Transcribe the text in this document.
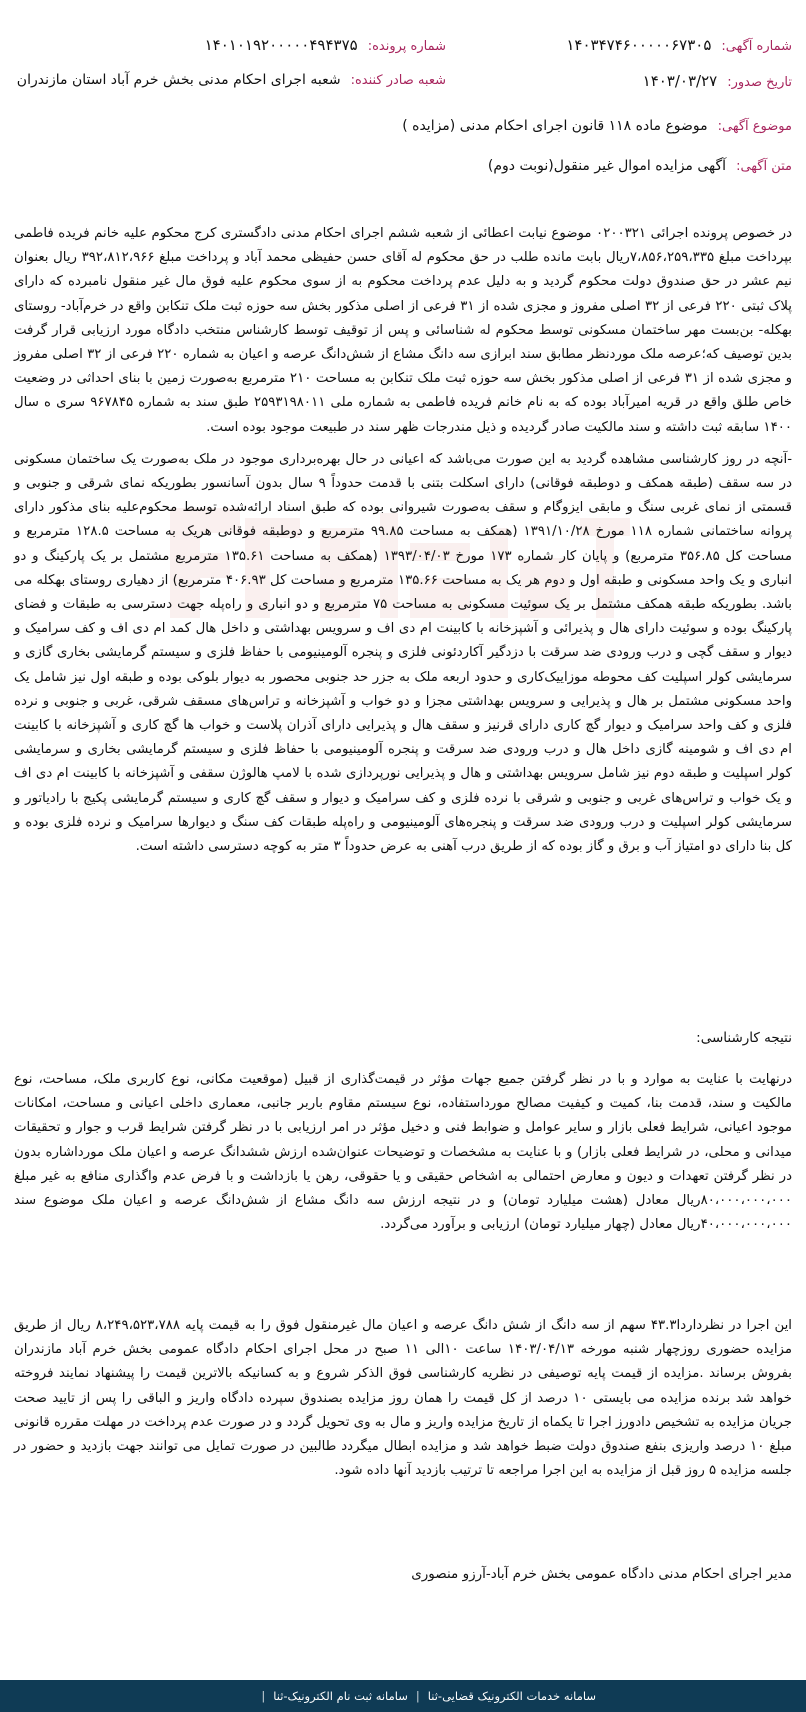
شماره آگهی:
۱۴۰۳۴۷۴۶۰۰۰۰۰۶۷۳۰۵
شماره پرونده:
۱۴۰۱۰۱۹۲۰۰۰۰۰۴۹۴۳۷۵
تاریخ صدور:
۱۴۰۳/۰۳/۲۷
شعبه صادر کننده:
شعبه اجرای احکام مدنی بخش خرم آباد استان مازندران
موضوع آگهی:
موضوع ماده ۱۱۸ قانون اجرای احکام مدنی (مزایده )
متن آگهی:
آگهی مزایده اموال غیر منقول(نوبت دوم)

در خصوص پرونده اجرائی ۰۲۰۰۳۲۱ موضوع نیابت اعطائی از شعبه ششم اجرای احکام مدنی دادگستری کرج محکوم علیه خانم فریده فاطمی بپرداخت مبلغ ۷،۸۵۶،۲۵۹،۳۳۵ریال بابت مانده طلب در حق محکوم له آقای حسن حفیظی محمد آباد و پرداخت مبلغ ۳۹۲،۸۱۲،۹۶۶ ریال بعنوان نیم عشر در حق صندوق دولت محکوم گردید و به دلیل عدم پرداخت محکوم به از سوی محکوم علیه فوق مال غیر منقول نامبرده که دارای پلاک ثبتی ۲۲۰ فرعی از ۳۲ اصلی مفروز و مجزی شده از ۳۱ فرعی از اصلی مذکور بخش سه حوزه ثبت ملک تنکابن واقع در خرم‌آباد- روستای بهکله- بن‌بست مهر ساختمان مسکونی توسط محکوم له شناسائی و پس از توقیف توسط کارشناس منتخب دادگاه مورد ارزیابی قرار گرفت بدین توصیف که؛عرصه ملک موردنظر مطابق سند ابرازی سه دانگ مشاع از شش‌دانگ عرصه و اعیان به شماره ۲۲۰ فرعی از ۳۲ اصلی مفروز و مجزی شده از ۳۱ فرعی از اصلی مذکور بخش سه حوزه ثبت ملک تنکابن به مساحت ۲۱۰ مترمربع به‌صورت زمین با بنای احداثی در وضعیت خاص طلق واقع در قریه امیرآباد بوده که به نام خانم فریده فاطمی به شماره ملی ۲۵۹۳۱۹۸۰۱۱ طبق سند به شماره ۹۶۷۸۴۵ سری ه سال ۱۴۰۰ سابقه ثبت داشته و سند مالکیت صادر گردیده و ذیل مندرجات ظهر سند در طبیعت موجود بوده است.

-آنچه در روز کارشناسی مشاهده گردید به این صورت می‌باشد که اعیانی در حال بهره‌برداری موجود در ملک به‌صورت یک ساختمان مسکونی در سه سقف (طبقه همکف و دوطبقه فوقانی) دارای اسکلت بتنی با قدمت حدوداً ۹ سال بدون آسانسور بطوریکه نمای شرقی و جنوبی و قسمتی از نمای غربی سنگ و مابقی ایزوگام و سقف به‌صورت شیروانی بوده که طبق اسناد ارائه‌شده توسط محکوم‌علیه بنای مذکور دارای پروانه ساختمانی شماره ۱۱۸ مورخ ۱۳۹۱/۱۰/۲۸ (همکف به مساحت ۹۹.۸۵ مترمربع و دوطبقه فوقانی هریک به مساحت ۱۲۸.۵ مترمربع و مساحت کل ۳۵۶.۸۵ مترمربع) و پایان کار شماره ۱۷۳ مورخ ۱۳۹۳/۰۴/۰۳ (همکف به مساحت ۱۳۵.۶۱ مترمربع مشتمل بر یک پارکینگ و دو انباری و یک واحد مسکونی و طبقه اول و دوم هر یک به مساحت ۱۳۵.۶۶ مترمربع و مساحت کل ۴۰۶.۹۳ مترمربع) از دهیاری روستای بهکله می باشد. بطوریکه طبقه همکف مشتمل بر یک سوئیت مسکونی به مساحت ۷۵ مترمربع و دو انباری و راه‌پله جهت دسترسی به طبقات و فضای پارکینگ بوده و سوئیت دارای هال و پذیرائی و آشپزخانه با کابینت ام دی اف و سرویس بهداشتی و داخل هال کمد ام دی اف و کف سرامیک و دیوار و سقف گچی و درب ورودی ضد سرقت با دزدگیر آکاردئونی فلزی و پنجره آلومینیومی با حفاظ فلزی و سیستم گرمایشی بخاری گازی و سرمایشی کولر اسپلیت کف محوطه موزاییک‌کاری و حدود اربعه ملک به جزر حد جنوبی محصور به دیوار بلوکی بوده و طبقه اول نیز شامل یک واحد مسکونی مشتمل بر هال و پذیرایی و سرویس بهداشتی مجزا و دو خواب و آشپزخانه و تراس‌های مسقف شرقی، غربی و جنوبی و نرده فلزی و کف واحد سرامیک و دیوار گچ کاری دارای قرنیز و سقف هال و پذیرایی دارای آذران پلاست و خواب ها گچ کاری و آشپزخانه با کابینت ام دی اف و شومینه گازی داخل هال و درب ورودی ضد سرقت و پنجره آلومینیومی با حفاظ فلزی و سیستم گرمایشی بخاری و سرمایشی کولر اسپلیت و طبقه دوم نیز شامل سرویس بهداشتی و هال و پذیرایی نورپردازی شده با لامپ هالوژن سقفی و آشپزخانه با کابینت ام دی اف و یک خواب و تراس‌های غربی و جنوبی و شرقی با نرده فلزی و کف سرامیک و دیوار و سقف گچ کاری و سیستم گرمایشی پکیج با رادیاتور و سرمایشی کولر اسپلیت و درب ورودی ضد سرقت و پنجره‌های آلومینیومی و راه‌پله طبقات کف سنگ و دیوارها سرامیک و نرده فلزی بوده و کل بنا دارای دو امتیاز آب و برق و گاز بوده که از طریق درب آهنی به عرض حدوداً ۳ متر به کوچه دسترسی داشته است.

نتیجه کارشناسی:

درنهایت با عنایت به موارد و با در نظر گرفتن جمیع جهات مؤثر در قیمت‌گذاری از قبیل (موقعیت مکانی، نوع کاربری ملک، مساحت، نوع مالکیت و سند، قدمت بنا، کمیت و کیفیت مصالح مورداستفاده، نوع سیستم مقاوم باربر جانبی، معماری داخلی اعیانی و مساحت، امکانات موجود اعیانی، شرایط فعلی بازار و سایر عوامل و ضوابط فنی و دخیل مؤثر در امر ارزیابی با در نظر گرفتن شرایط قرب و جوار و تحقیقات میدانی و محلی، در شرایط فعلی بازار) و با عنایت به مشخصات و توضیحات عنوان‌شده ارزش ششدانگ عرصه و اعیان ملک مورداشاره بدون در نظر گرفتن تعهدات و دیون و معارض احتمالی به اشخاص حقیقی و یا حقوقی، رهن یا بازداشت و با فرض عدم واگذاری منافع به غیر مبلغ ۸۰،۰۰۰،۰۰۰،۰۰۰ریال معادل (هشت میلیارد تومان) و در نتیجه ارزش سه دانگ مشاع از شش‌دانگ عرصه و اعیان ملک موضوع سند ۴۰،۰۰۰،۰۰۰،۰۰۰ریال معادل (چهار میلیارد تومان) ارزیابی و برآورد می‌گردد.

این اجرا در نظرداردا۴۳.۳ سهم از سه دانگ از شش دانگ عرصه و اعیان مال غیرمنقول فوق را به قیمت پایه ۸،۲۴۹،۵۲۳،۷۸۸ ریال از طریق مزایده حضوری روزچهار شنبه مورخه ۱۴۰۳/۰۴/۱۳ ساعت ۱۰الی ۱۱ صبح در محل اجرای احکام دادگاه عمومی بخش خرم آباد مازندران بفروش برساند .مزایده از قیمت پایه توصیفی در نظریه کارشناسی فوق الذکر شروع و به کسانیکه بالاترین قیمت را پیشنهاد نمایند فروخته خواهد شد برنده مزایده می بایستی ۱۰ درصد از کل قیمت را همان روز مزایده بصندوق سپرده دادگاه واریز و الباقی را پس از تایید صحت جریان مزایده به تشخیص دادورز اجرا تا یکماه از تاریخ مزایده واریز و مال به وی تحویل گردد و در صورت عدم پرداخت در مهلت مقرره قانونی مبلغ ۱۰ درصد واریزی بنفع صندوق دولت ضبط خواهد شد و مزایده ابطال میگردد طالبین در صورت تمایل می توانند جهت بازدید و حضور در جلسه مزایده ۵ روز قبل از مزایده به این اجرا مراجعه تا ترتیب بازدید آنها داده شود.

مدیر اجرای احکام مدنی دادگاه عمومی بخش خرم آباد-آرزو منصوری
سامانه خدمات الکترونیک قضایی-ثنا
|
سامانه ثبت نام الکترونیک-ثنا
|
